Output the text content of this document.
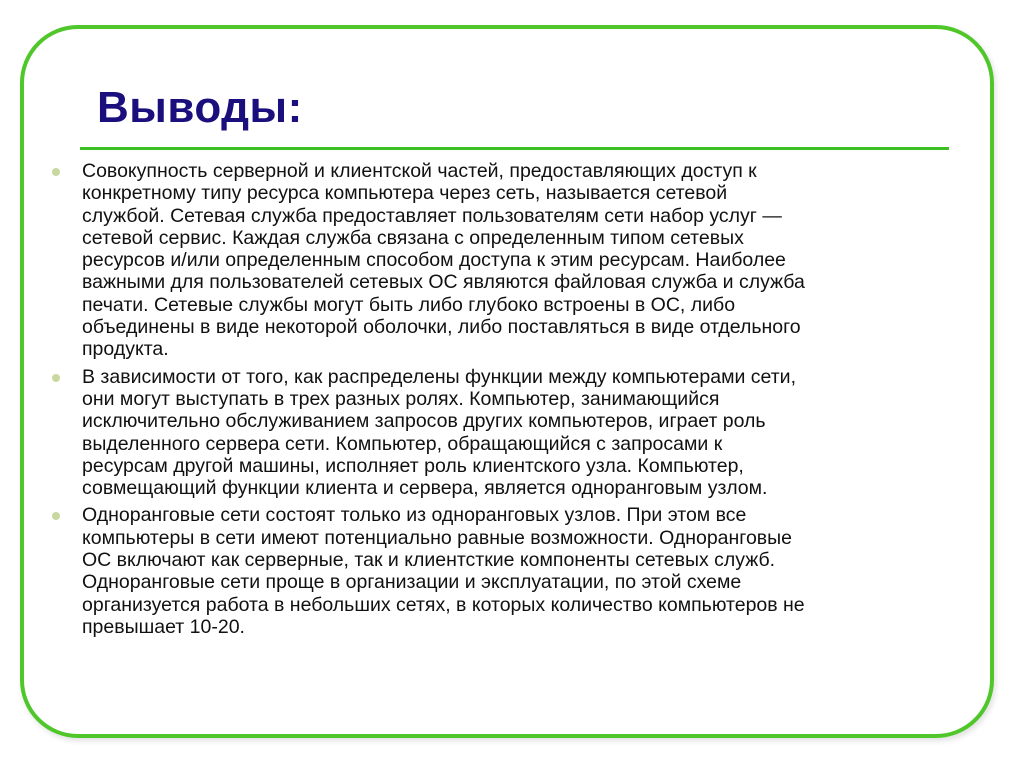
Выводы:
Совокупность серверной и клиентской частей, предоставляющих доступ к
конкретному типу ресурса компьютера через сеть, называется сетевой
службой. Сетевая служба предоставляет пользователям сети набор услуг —
сетевой сервис. Каждая служба связана с определенным типом сетевых
ресурсов и/или определенным способом доступа к этим ресурсам. Наиболее
важными для пользователей сетевых ОС являются файловая служба и служба
печати. Сетевые службы могут быть либо глубоко встроены в ОС, либо
объединены в виде некоторой оболочки, либо поставляться в виде отдельного
продукта.
В зависимости от того, как распределены функции между компьютерами сети,
они могут выступать в трех разных ролях. Компьютер, занимающийся
исключительно обслуживанием запросов других компьютеров, играет роль
выделенного сервера сети. Компьютер, обращающийся с запросами к
ресурсам другой машины, исполняет роль клиентского узла. Компьютер,
совмещающий функции клиента и сервера, является одноранговым узлом.
Одноранговые сети состоят только из одноранговых узлов. При этом все
компьютеры в сети имеют потенциально равные возможности. Одноранговые
ОС включают как серверные, так и клиентсткие компоненты сетевых служб.
Одноранговые сети проще в организации и эксплуатации, по этой схеме
организуется работа в небольших сетях, в которых количество компьютеров не
превышает 10-20.
